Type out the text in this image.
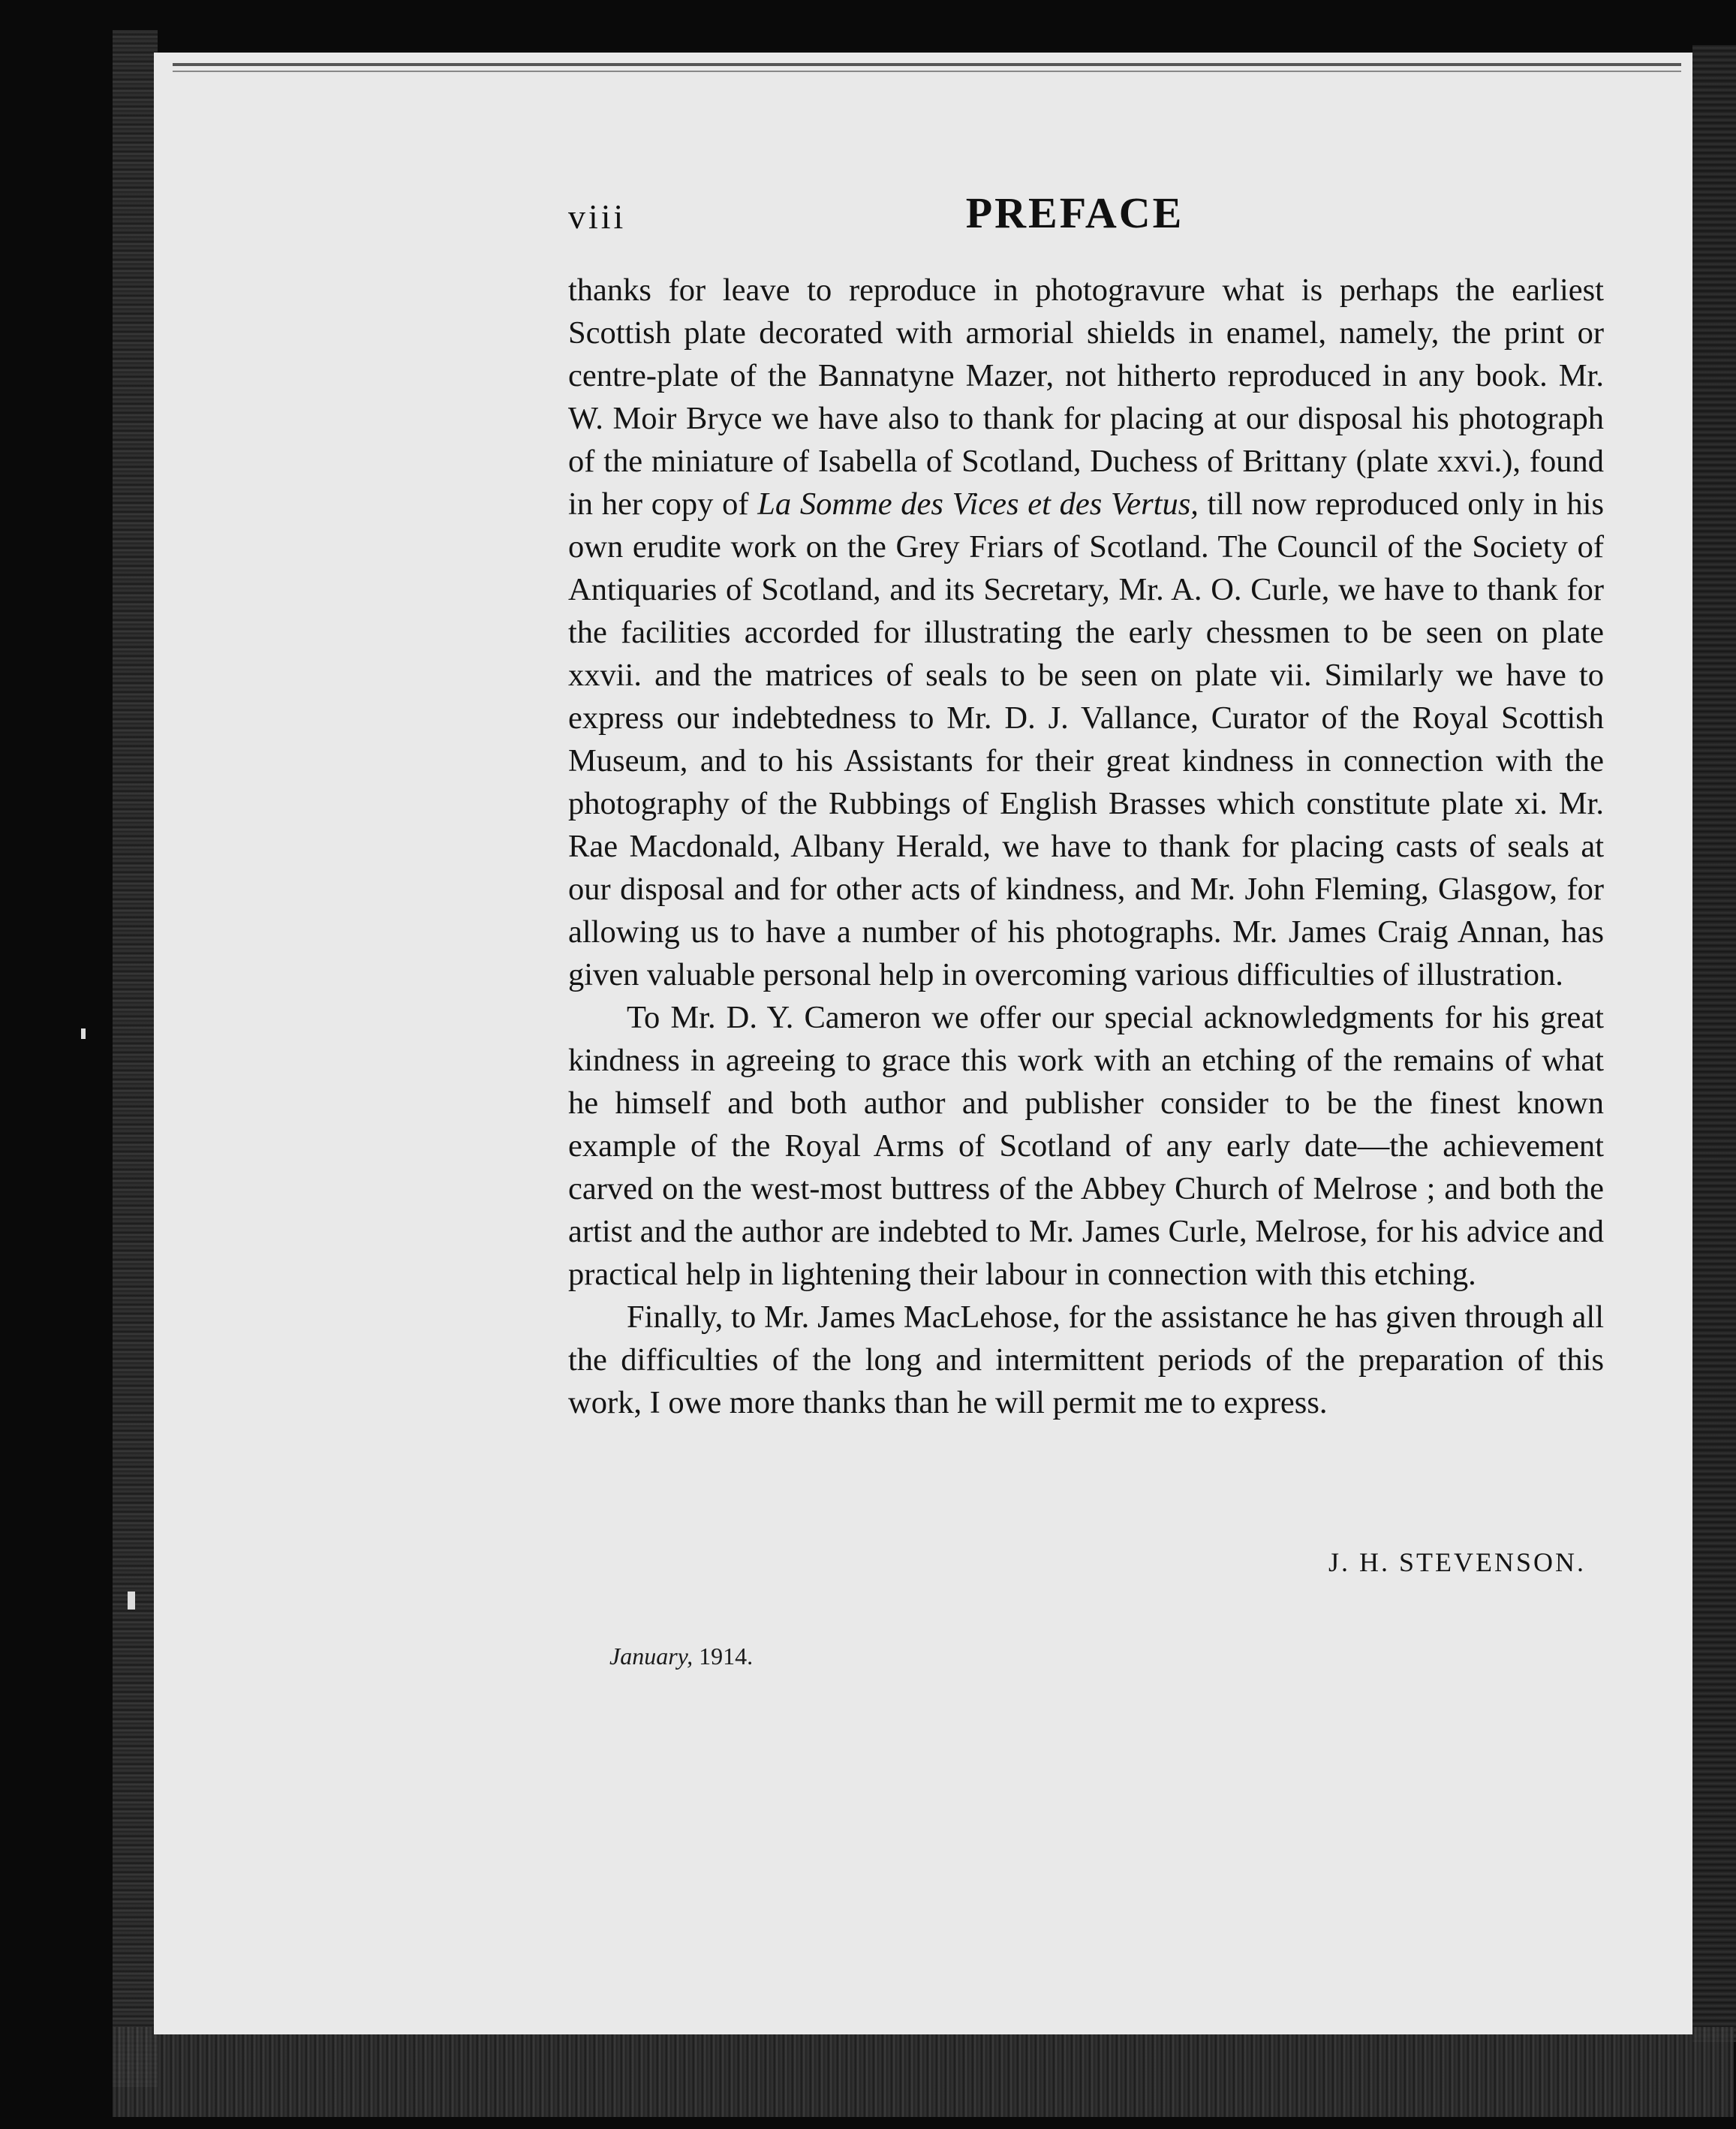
viii	PREFACE

thanks for leave to reproduce in photogravure what is perhaps the earliest Scottish plate decorated with armorial shields in enamel, namely, the print or centre-plate of the Bannatyne Mazer, not hitherto reproduced in any book. Mr. W. Moir Bryce we have also to thank for placing at our disposal his photograph of the miniature of Isabella of Scotland, Duchess of Brittany (plate xxvi.), found in her copy of La Somme des Vices et des Vertus, till now reproduced only in his own erudite work on the Grey Friars of Scotland. The Council of the Society of Antiquaries of Scotland, and its Secretary, Mr. A. O. Curle, we have to thank for the facilities accorded for illustrating the early chessmen to be seen on plate xxvii. and the matrices of seals to be seen on plate vii. Similarly we have to express our indebtedness to Mr. D. J. Vallance, Curator of the Royal Scottish Museum, and to his Assistants for their great kindness in connection with the photography of the Rubbings of English Brasses which constitute plate xi. Mr. Rae Macdonald, Albany Herald, we have to thank for placing casts of seals at our disposal and for other acts of kindness, and Mr. John Fleming, Glasgow, for allowing us to have a number of his photographs. Mr. James Craig Annan, has given valuable personal help in overcoming various difficulties of illustration.

To Mr. D. Y. Cameron we offer our special acknowledgments for his great kindness in agreeing to grace this work with an etching of the remains of what he himself and both author and publisher consider to be the finest known example of the Royal Arms of Scotland of any early date—the achievement carved on the west-most buttress of the Abbey Church of Melrose ; and both the artist and the author are indebted to Mr. James Curle, Melrose, for his advice and practical help in lightening their labour in connection with this etching.

Finally, to Mr. James MacLehose, for the assistance he has given through all the difficulties of the long and intermittent periods of the preparation of this work, I owe more thanks than he will permit me to express.

J. H. STEVENSON.
January, 1914.
